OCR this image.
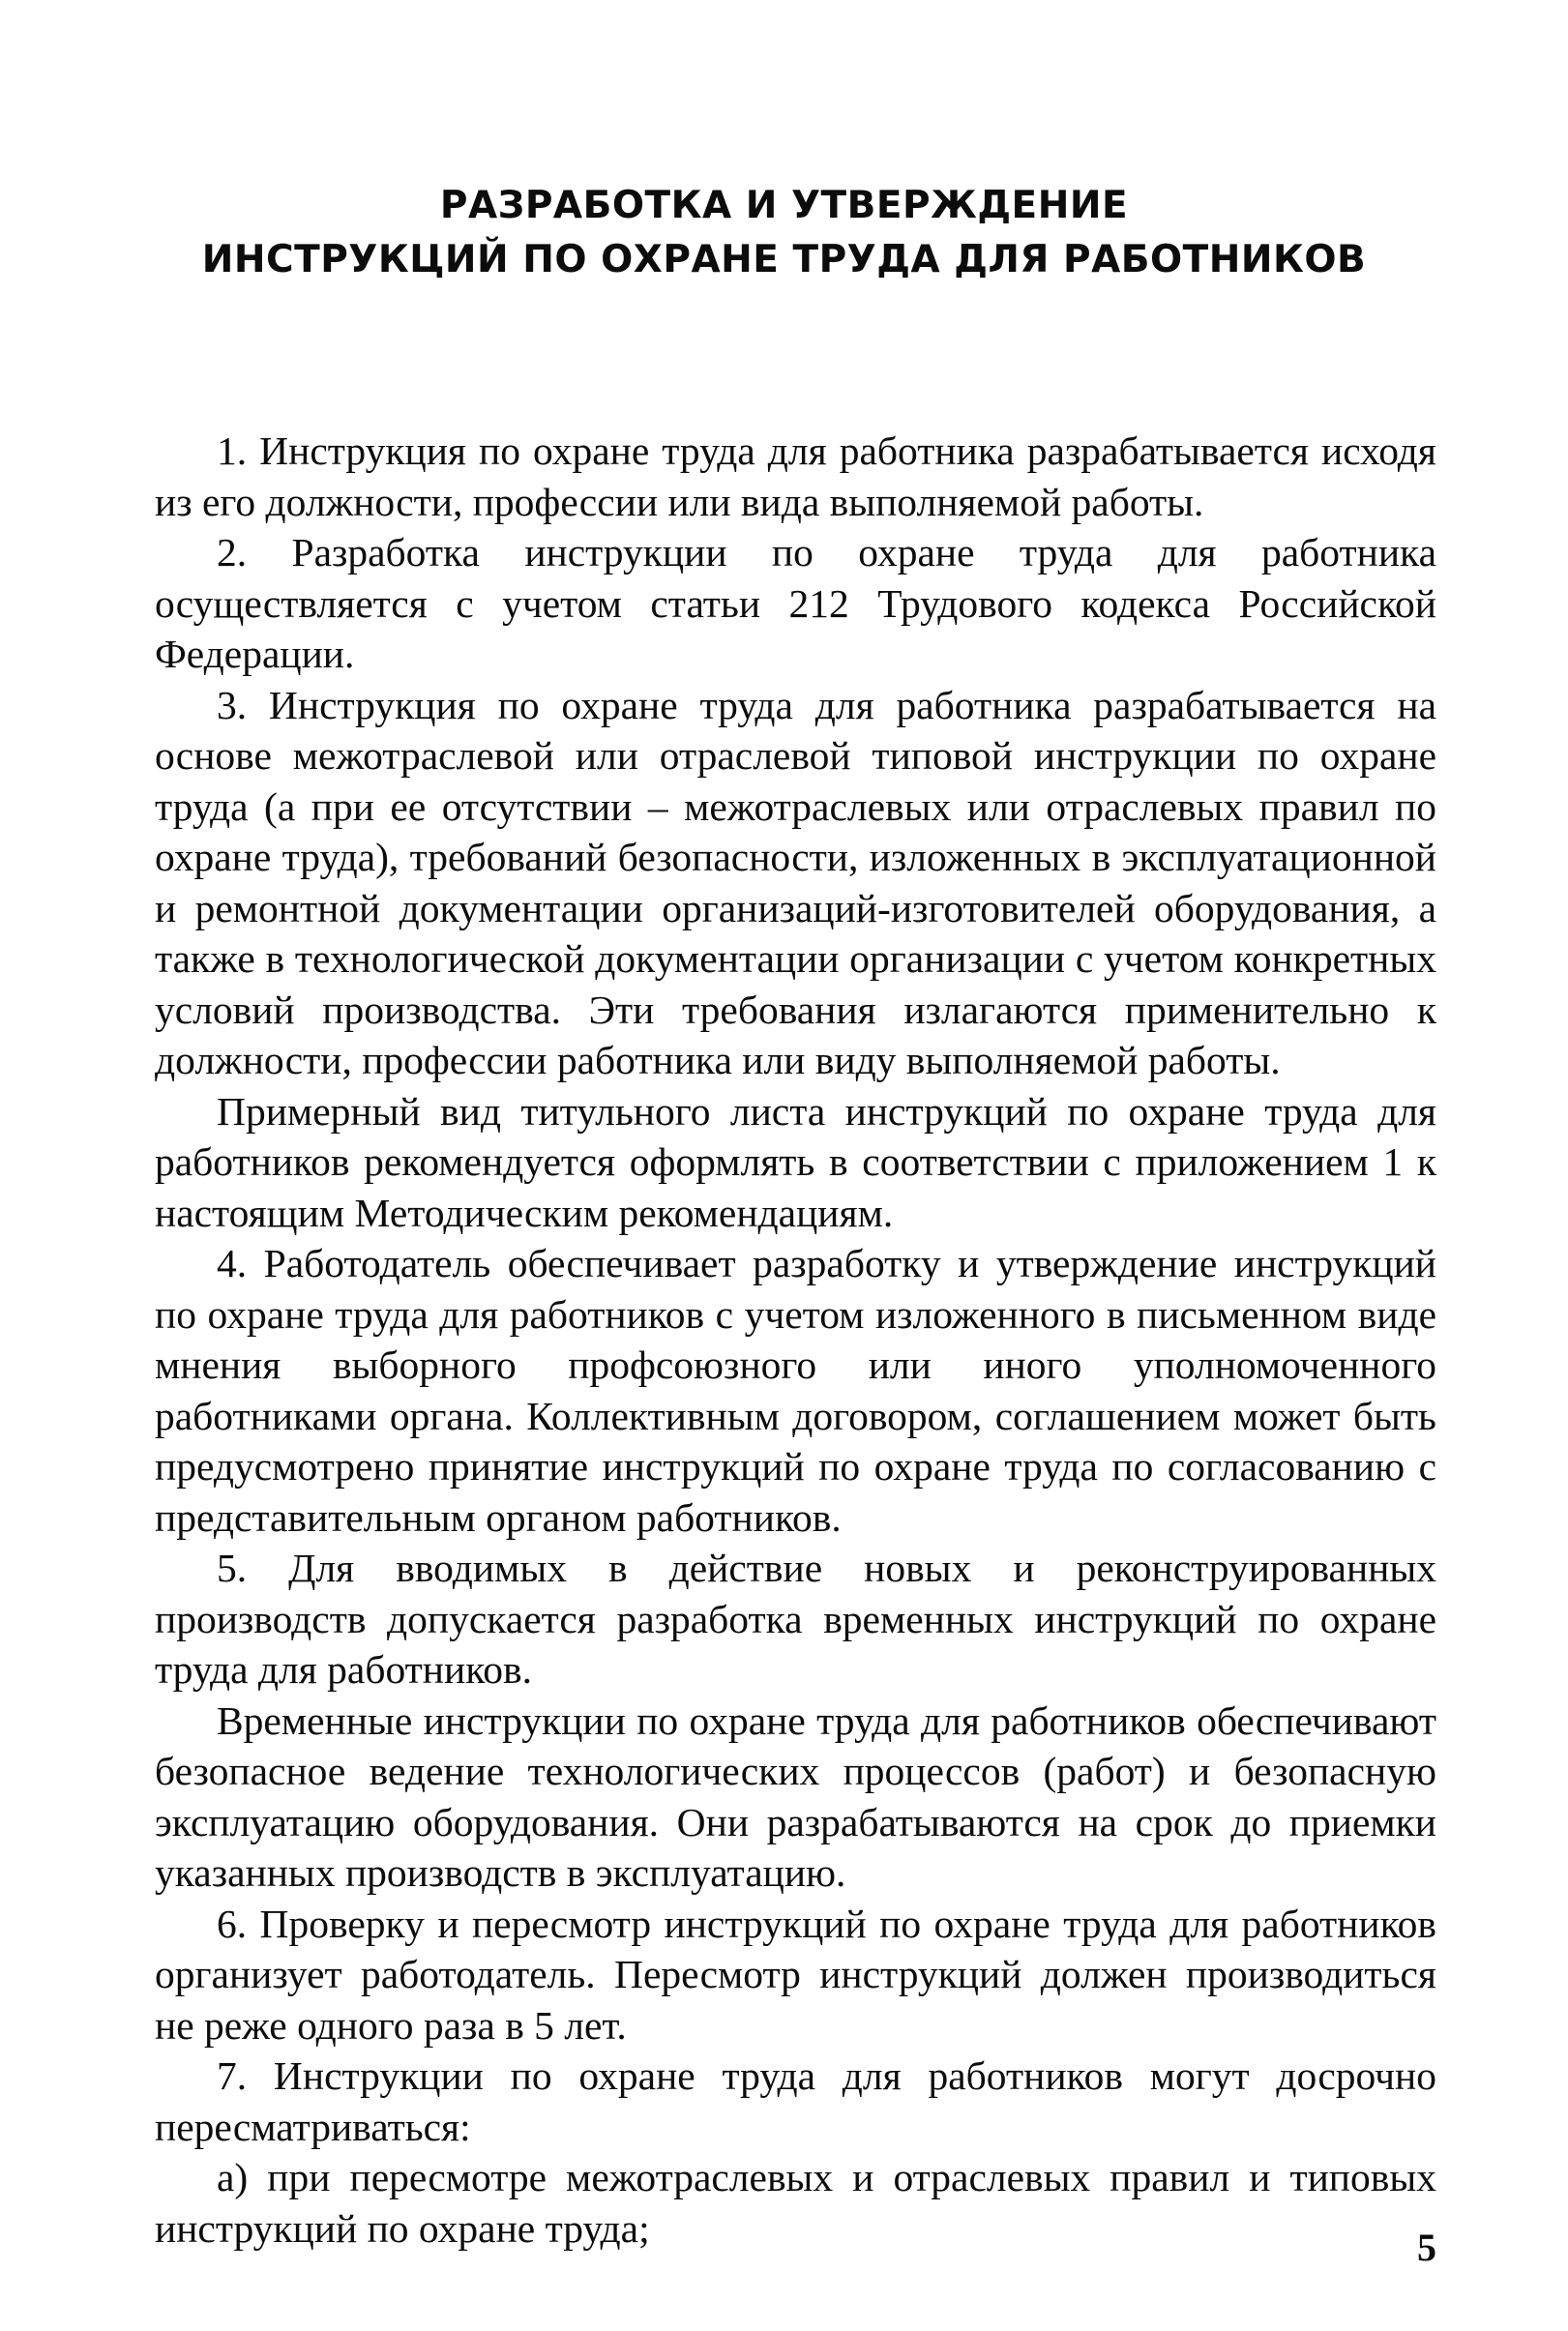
РАЗРАБОТКА И УТВЕРЖДЕНИЕ
ИНСТРУКЦИЙ ПО ОХРАНЕ ТРУДА ДЛЯ РАБОТНИКОВ

1. Инструкция по охране труда для работника разрабатывается исходя из его должности, профессии или вида выполняемой работы.

2. Разработка инструкции по охране труда для работника осуществляется с учетом статьи 212 Трудового кодекса Российской Федерации.

3. Инструкция по охране труда для работника разрабатывается на основе межотраслевой или отраслевой типовой инструкции по охране труда (а при ее отсутствии – межотраслевых или отраслевых правил по охране труда), требований безопасности, изложенных в эксплуатационной и ремонтной документации организаций-изготовителей оборудования, а также в технологической документации организации с учетом конкретных условий производства. Эти требования излагаются применительно к должности, профессии работника или виду выполняемой работы.

Примерный вид титульного листа инструкций по охране труда для работников рекомендуется оформлять в соответствии с приложением 1 к настоящим Методическим рекомендациям.

4. Работодатель обеспечивает разработку и утверждение инструкций по охране труда для работников с учетом изложенного в письменном виде мнения выборного профсоюзного или иного уполномоченного работниками органа. Коллективным договором, соглашением может быть предусмотрено принятие инструкций по охране труда по согласованию с представительным органом работников.

5. Для вводимых в действие новых и реконструированных производств допускается разработка временных инструкций по охране труда для работников.

Временные инструкции по охране труда для работников обеспечивают безопасное ведение технологических процессов (работ) и безопасную эксплуатацию оборудования. Они разрабатываются на срок до приемки указанных производств в эксплуатацию.

6. Проверку и пересмотр инструкций по охране труда для работников организует работодатель. Пересмотр инструкций должен производиться не реже одного раза в 5 лет.

7. Инструкции по охране труда для работников могут досрочно пересматриваться:

а) при пересмотре межотраслевых и отраслевых правил и типовых инструкций по охране труда;	5
